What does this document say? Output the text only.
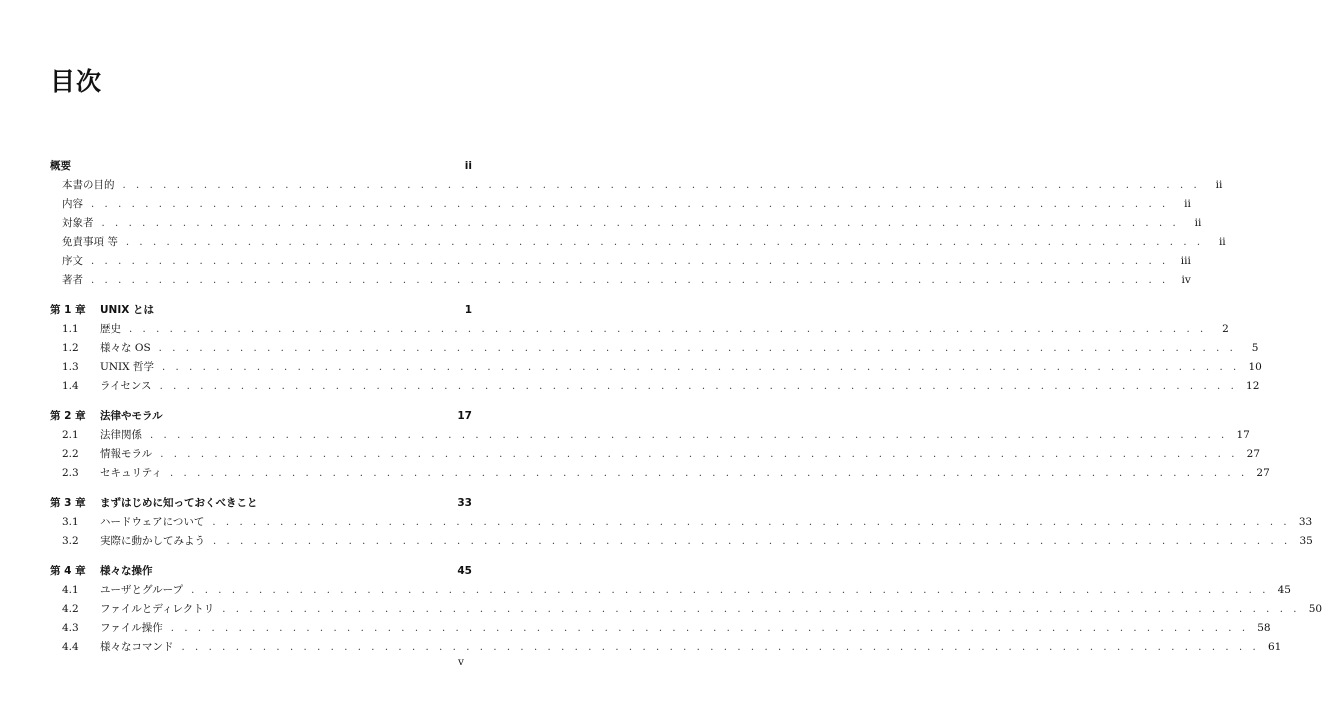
目次
概要	ii
本書の目的 . . . . . . . . . . . . . . . . . . . . . . . . . . . . . . . . . . . . . . . . . . . . . . . . . . . . . . . . . . . . . . . . . . . . . . . . . . . . . . . .	ii
内容 . . . . . . . . . . . . . . . . . . . . . . . . . . . . . . . . . . . . . . . . . . . . . . . . . . . . . . . . . . . . . . . . . . . . . . . . . . . . . . . .	ii
対象者 . . . . . . . . . . . . . . . . . . . . . . . . . . . . . . . . . . . . . . . . . . . . . . . . . . . . . . . . . . . . . . . . . . . . . . . . . . . . . . . .	ii
免責事項 等 . . . . . . . . . . . . . . . . . . . . . . . . . . . . . . . . . . . . . . . . . . . . . . . . . . . . . . . . . . . . . . . . . . . . . . . . . . . . . . . .	ii
序文 . . . . . . . . . . . . . . . . . . . . . . . . . . . . . . . . . . . . . . . . . . . . . . . . . . . . . . . . . . . . . . . . . . . . . . . . . . . . . . . .	iii
著者 . . . . . . . . . . . . . . . . . . . . . . . . . . . . . . . . . . . . . . . . . . . . . . . . . . . . . . . . . . . . . . . . . . . . . . . . . . . . . . . .	iv
第 1 章	UNIX とは	1
1.1	歴史 . . . . . . . . . . . . . . . . . . . . . . . . . . . . . . . . . . . . . . . . . . . . . . . . . . . . . . . . . . . . . . . . . . . . . . . . . . . . . . . .	2
1.2	様々な OS . . . . . . . . . . . . . . . . . . . . . . . . . . . . . . . . . . . . . . . . . . . . . . . . . . . . . . . . . . . . . . . . . . . . . . . . . . . . . . . .	5
1.3	UNIX 哲学 . . . . . . . . . . . . . . . . . . . . . . . . . . . . . . . . . . . . . . . . . . . . . . . . . . . . . . . . . . . . . . . . . . . . . . . . . . . . . . . . 10
1.4	ライセンス . . . . . . . . . . . . . . . . . . . . . . . . . . . . . . . . . . . . . . . . . . . . . . . . . . . . . . . . . . . . . . . . . . . . . . . . . . . . . . . . 12
第 2 章	法律やモラル	17
2.1	法律関係 . . . . . . . . . . . . . . . . . . . . . . . . . . . . . . . . . . . . . . . . . . . . . . . . . . . . . . . . . . . . . . . . . . . . . . . . . . . . . . . . 17
2.2	情報モラル . . . . . . . . . . . . . . . . . . . . . . . . . . . . . . . . . . . . . . . . . . . . . . . . . . . . . . . . . . . . . . . . . . . . . . . . . . . . . . . . 27
2.3	セキュリティ . . . . . . . . . . . . . . . . . . . . . . . . . . . . . . . . . . . . . . . . . . . . . . . . . . . . . . . . . . . . . . . . . . . . . . . . . . . . . . . . 27
第 3 章	まずはじめに知っておくべきこと	33
3.1	ハードウェアについて . . . . . . . . . . . . . . . . . . . . . . . . . . . . . . . . . . . . . . . . . . . . . . . . . . . . . . . . . . . . . . . . . . . . . . . . . . . . . . . . 33
3.2	実際に動かしてみよう . . . . . . . . . . . . . . . . . . . . . . . . . . . . . . . . . . . . . . . . . . . . . . . . . . . . . . . . . . . . . . . . . . . . . . . . . . . . . . . . 35
第 4 章	様々な操作	45
4.1	ユーザとグループ . . . . . . . . . . . . . . . . . . . . . . . . . . . . . . . . . . . . . . . . . . . . . . . . . . . . . . . . . . . . . . . . . . . . . . . . . . . . . . . . 45
4.2	ファイルとディレクトリ . . . . . . . . . . . . . . . . . . . . . . . . . . . . . . . . . . . . . . . . . . . . . . . . . . . . . . . . . . . . . . . . . . . . . . . . . . . . . . . . 50
4.3	ファイル操作 . . . . . . . . . . . . . . . . . . . . . . . . . . . . . . . . . . . . . . . . . . . . . . . . . . . . . . . . . . . . . . . . . . . . . . . . . . . . . . . . 58
4.4	様々なコマンド . . . . . . . . . . . . . . . . . . . . . . . . . . . . . . . . . . . . . . . . . . . . . . . . . . . . . . . . . . . . . . . . . . . . . . . . . . . . . . . . 61
v
